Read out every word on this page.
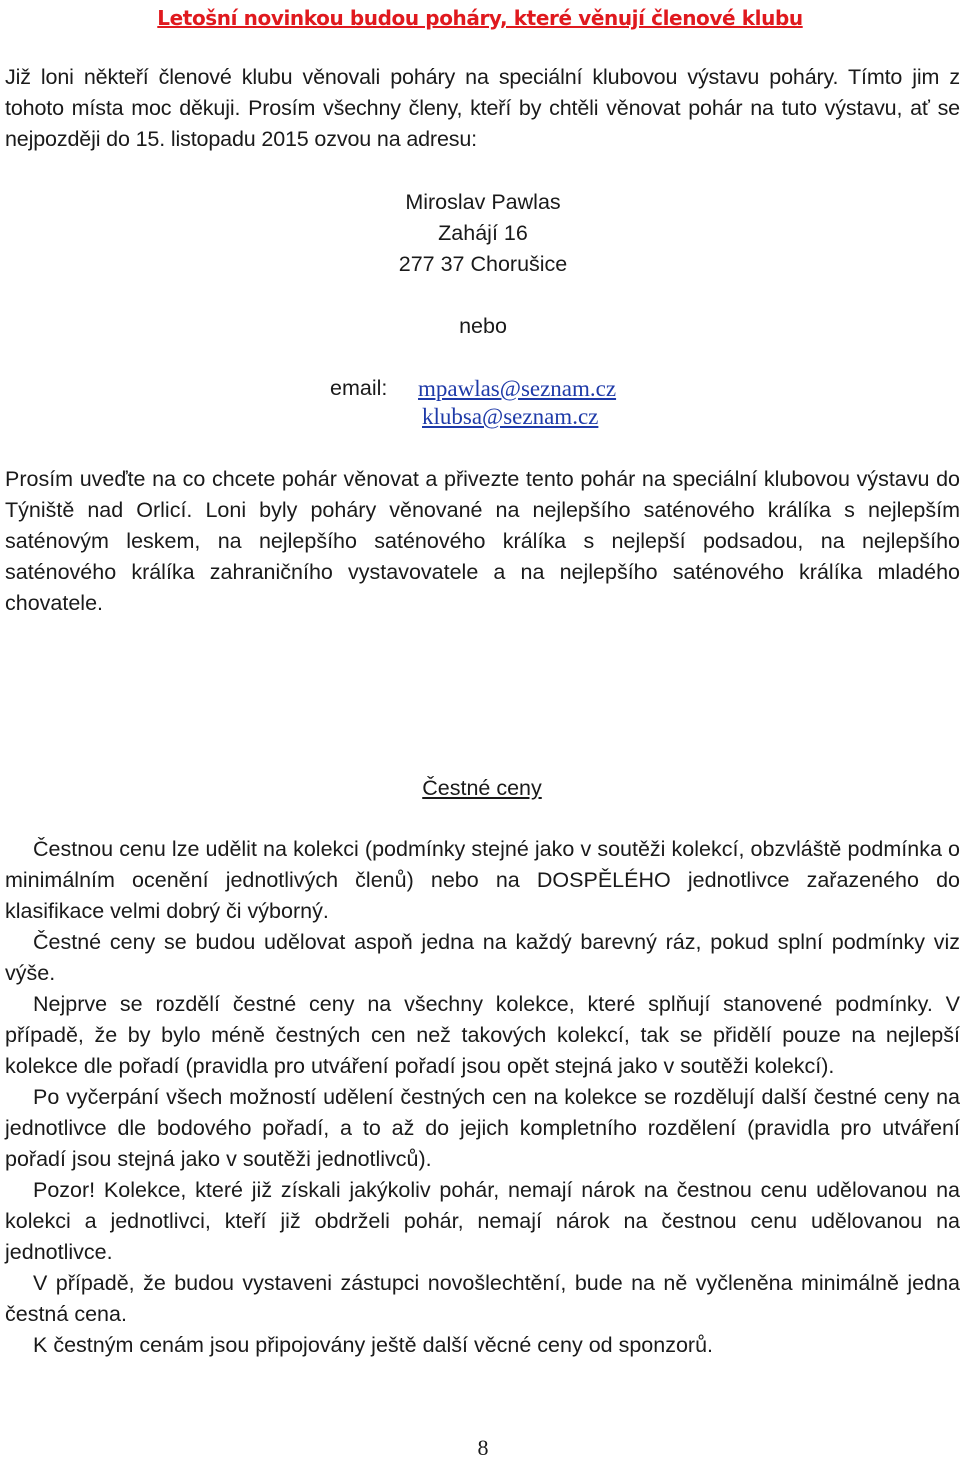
Letošní novinkou budou poháry, které věnují členové klubu

Již loni někteří členové klubu věnovali poháry na speciální klubovou výstavu poháry. Tímto jim z tohoto místa moc děkuji. Prosím všechny členy, kteří by chtěli věnovat pohár na tuto výstavu, ať se nejpozději do 15. listopadu 2015 ozvou na adresu:

Miroslav Pawlas
Zahájí 16
277 37 Chorušice
nebo
email: mpawlas@seznam.cz
klubsa@seznam.cz

Prosím uveďte na co chcete pohár věnovat a přivezte tento pohár na speciální klubovou výstavu do Týniště nad Orlicí. Loni byly poháry věnované na nejlepšího saténového králíka s nejlepším saténovým leskem, na nejlepšího saténového králíka s nejlepší podsadou, na nejlepšího saténového králíka zahraničního vystavovatele a na nejlepšího saténového králíka mladého chovatele.

Čestné ceny

Čestnou cenu lze udělit na kolekci (podmínky stejné jako v soutěži kolekcí, obzvláště podmínka o minimálním ocenění jednotlivých členů) nebo na DOSPĚLÉHO jednotlivce zařazeného do klasifikace velmi dobrý či výborný.

Čestné ceny se budou udělovat aspoň jedna na každý barevný ráz, pokud splní podmínky viz výše.

Nejprve se rozdělí čestné ceny na všechny kolekce, které splňují stanovené podmínky. V případě, že by bylo méně čestných cen než takových kolekcí, tak se přidělí pouze na nejlepší kolekce dle pořadí (pravidla pro utváření pořadí jsou opět stejná jako v soutěži kolekcí).

Po vyčerpání všech možností udělení čestných cen na kolekce se rozdělují další čestné ceny na jednotlivce dle bodového pořadí, a to až do jejich kompletního rozdělení (pravidla pro utváření pořadí jsou stejná jako v soutěži jednotlivců).

Pozor! Kolekce, které již získali jakýkoliv pohár, nemají nárok na čestnou cenu udělovanou na kolekci a jednotlivci, kteří již obdrželi pohár, nemají nárok na čestnou cenu udělovanou na jednotlivce.

V případě, že budou vystaveni zástupci novošlechtění, bude na ně vyčleněna minimálně jedna čestná cena.

K čestným cenám jsou připojovány ještě další věcné ceny od sponzorů.

8
